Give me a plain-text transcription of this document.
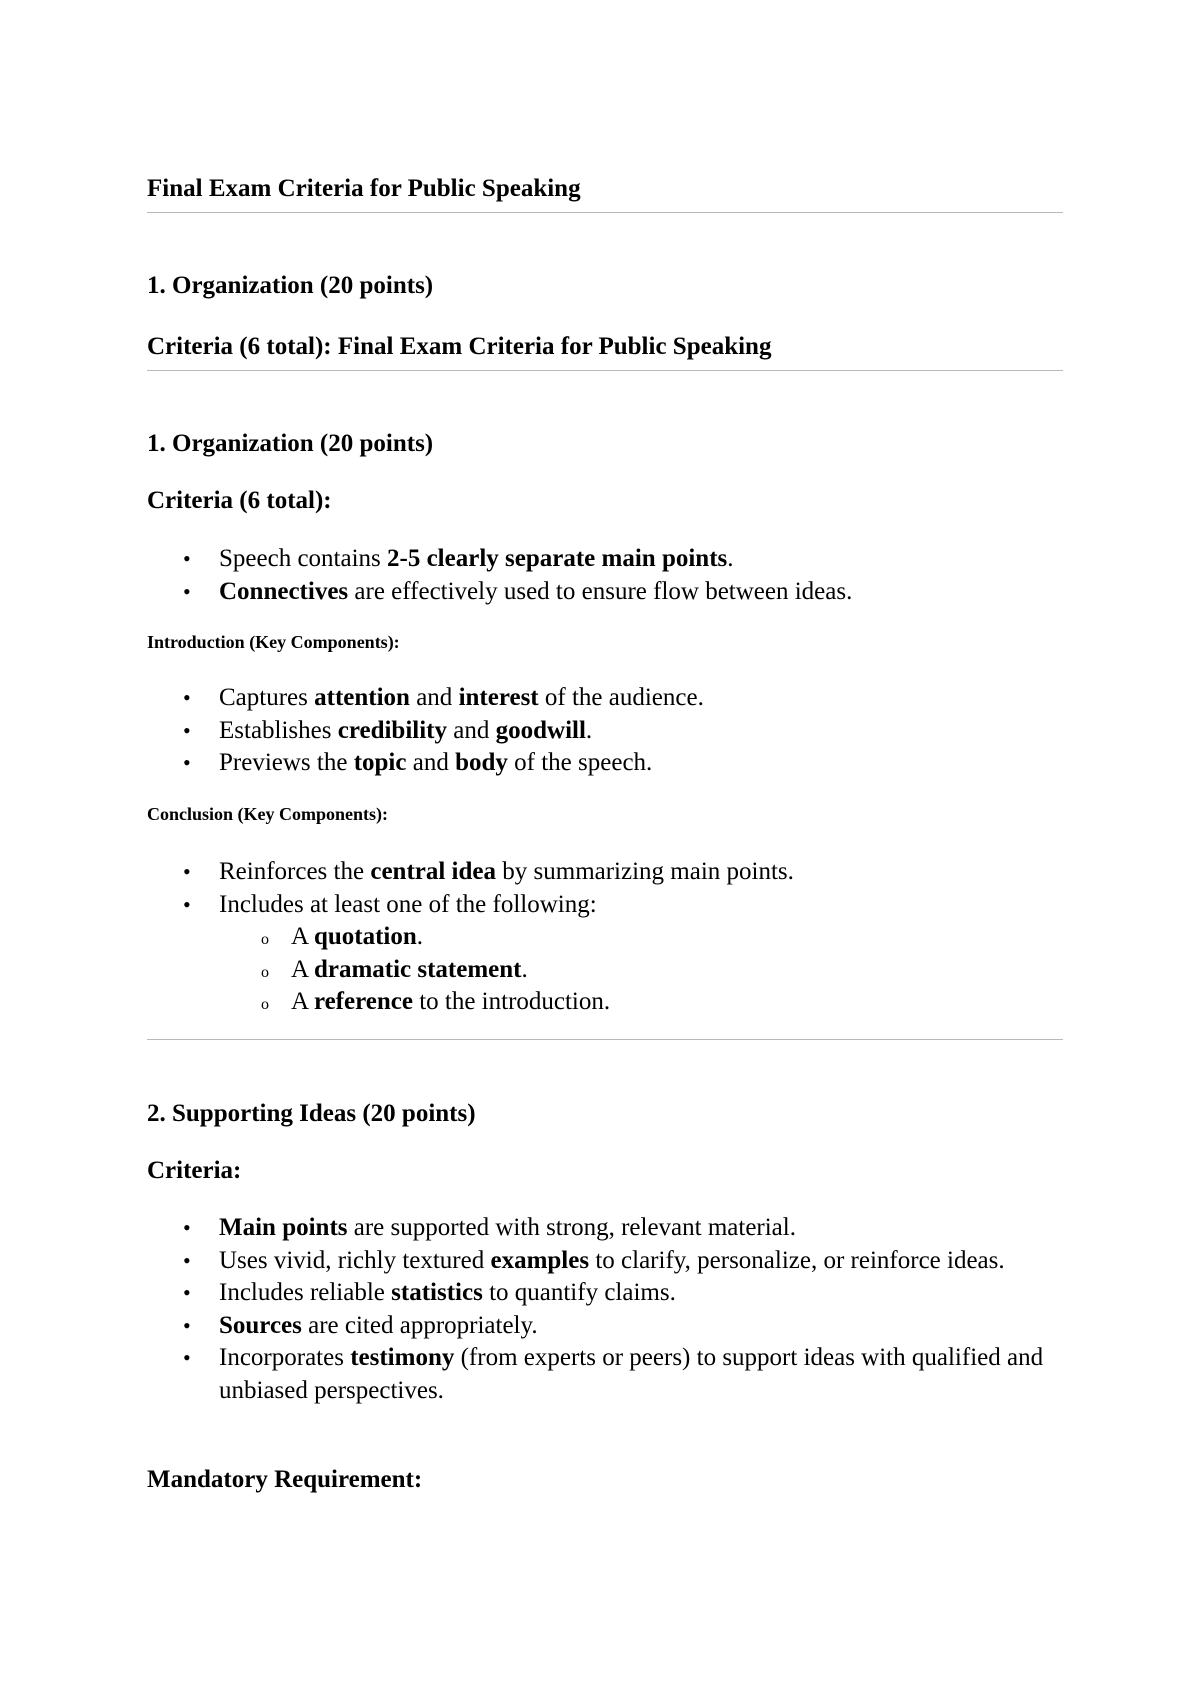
Final Exam Criteria for Public Speaking
1. Organization (20 points)
Criteria (6 total): Final Exam Criteria for Public Speaking
1. Organization (20 points)
Criteria (6 total):
• Speech contains 2-5 clearly separate main points.
• Connectives are effectively used to ensure flow between ideas.
Introduction (Key Components):
• Captures attention and interest of the audience.
• Establishes credibility and goodwill.
• Previews the topic and body of the speech.
Conclusion (Key Components):
• Reinforces the central idea by summarizing main points.
• Includes at least one of the following:
o A quotation.
o A dramatic statement.
o A reference to the introduction.
2. Supporting Ideas (20 points)
Criteria:
• Main points are supported with strong, relevant material.
• Uses vivid, richly textured examples to clarify, personalize, or reinforce ideas.
• Includes reliable statistics to quantify claims.
• Sources are cited appropriately.
• Incorporates testimony (from experts or peers) to support ideas with qualified and unbiased perspectives.
Mandatory Requirement:
